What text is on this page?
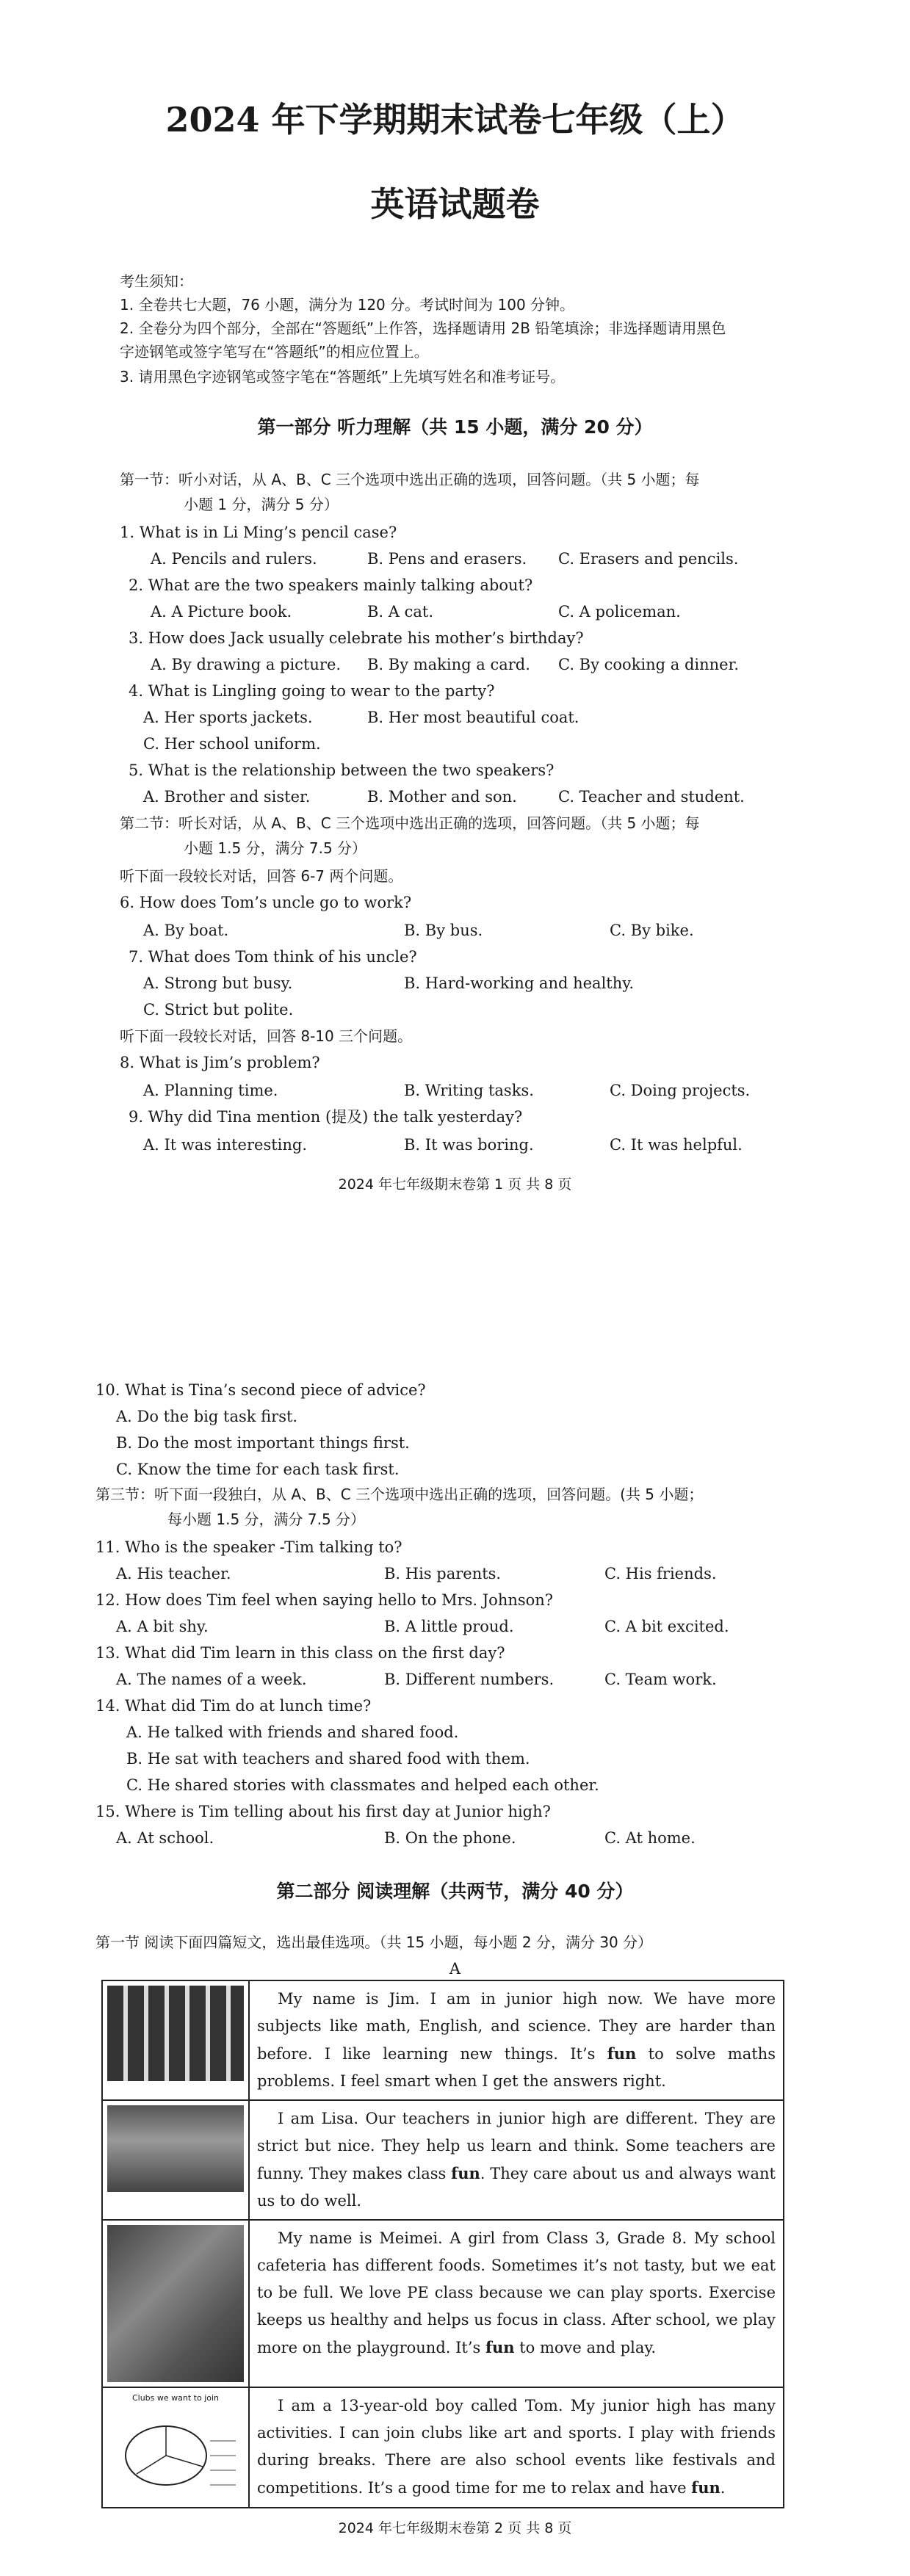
2024 年下学期期末试卷七年级（上）
英语试题卷
考生须知：
1. 全卷共七大题，76 小题，满分为 120 分。考试时间为 100 分钟。
2. 全卷分为四个部分，全部在“答题纸”上作答，选择题请用 2B 铅笔填涂；非选择题请用黑色
字迹钢笔或签字笔写在“答题纸”的相应位置上。
3. 请用黑色字迹钢笔或签字笔在“答题纸”上先填写姓名和准考证号。
第一部分 听力理解（共 15 小题，满分 20 分）
第一节：听小对话，从 A、B、C 三个选项中选出正确的选项，回答问题。（共 5 小题；每
小题 1 分，满分 5 分）
1. What is in Li Ming’s pencil case?
A. Pencils and rulers.	B. Pens and erasers. C. Erasers and pencils.
2. What are the two speakers mainly talking about?
A. A Picture book.	B. A cat.	C. A policeman.
3. How does Jack usually celebrate his mother’s birthday?
A. By drawing a picture. B. By making a card. C. By cooking a dinner.
4. What is Lingling going to wear to the party?
A. Her sports jackets.	B. Her most beautiful coat.
C. Her school uniform.
5. What is the relationship between the two speakers?
A. Brother and sister.	B. Mother and son.	C. Teacher and student.
第二节：听长对话，从 A、B、C 三个选项中选出正确的选项，回答问题。（共 5 小题；每
小题 1.5 分，满分 7.5 分）
听下面一段较长对话，回答 6-7 两个问题。
6. How does Tom’s uncle go to work?
A. By boat.	B. By bus.	C. By bike.
7. What does Tom think of his uncle?
A. Strong but busy.	B. Hard-working and healthy.
C. Strict but polite.
听下面一段较长对话，回答 8-10 三个问题。
8. What is Jim’s problem?
A. Planning time.	B. Writing tasks.	C. Doing projects.
9. Why did Tina mention (提及) the talk yesterday?
A. It was interesting.	B. It was boring.	C. It was helpful.
2024 年七年级期末卷第 1 页 共 8 页
10. What is Tina’s second piece of advice?
A. Do the big task first.
B. Do the most important things first.
C. Know the time for each task first.
第三节：听下面一段独白，从 A、B、C 三个选项中选出正确的选项，回答问题。(共 5 小题；
每小题 1.5 分，满分 7.5 分）
11. Who is the speaker -Tim talking to?
A. His teacher.	B. His parents.	C. His friends.
12. How does Tim feel when saying hello to Mrs. Johnson?
A. A bit shy.	B. A little proud.	C. A bit excited.
13. What did Tim learn in this class on the first day?
A. The names of a week.	B. Different numbers.	C. Team work.
14. What did Tim do at lunch time?
A. He talked with friends and shared food.
B. He sat with teachers and shared food with them.
C. He shared stories with classmates and helped each other.
15. Where is Tim telling about his first day at Junior high?
A. At school.	B. On the phone.	C. At home.
第二部分 阅读理解（共两节，满分 40 分）
第一节 阅读下面四篇短文，选出最佳选项。（共 15 小题，每小题 2 分，满分 30 分）
A
	My name is Jim. I am in junior high now. We have more subjects like math, English, and science. They are harder than before. I like learning new things. It’s fun to solve maths problems. I feel smart when I get the answers right.

	I am Lisa. Our teachers in junior high are different. They are strict but nice. They help us learn and think. Some teachers are funny. They makes class fun. They care about us and always want us to do well.

	My name is Meimei. A girl from Class 3, Grade 8. My school cafeteria has different foods. Sometimes it’s not tasty, but we eat to be full. We love PE class because we can play sports. Exercise keeps us healthy and helps us focus in class. After school, we play more on the playground. It’s fun to move and play.

Clubs we want to join	I am a 13-year-old boy called Tom. My junior high has many activities. I can join clubs like art and sports. I play with friends during breaks. There are also school events like festivals and competitions. It’s a good time for me to relax and have fun.
2024 年七年级期末卷第 2 页 共 8 页
